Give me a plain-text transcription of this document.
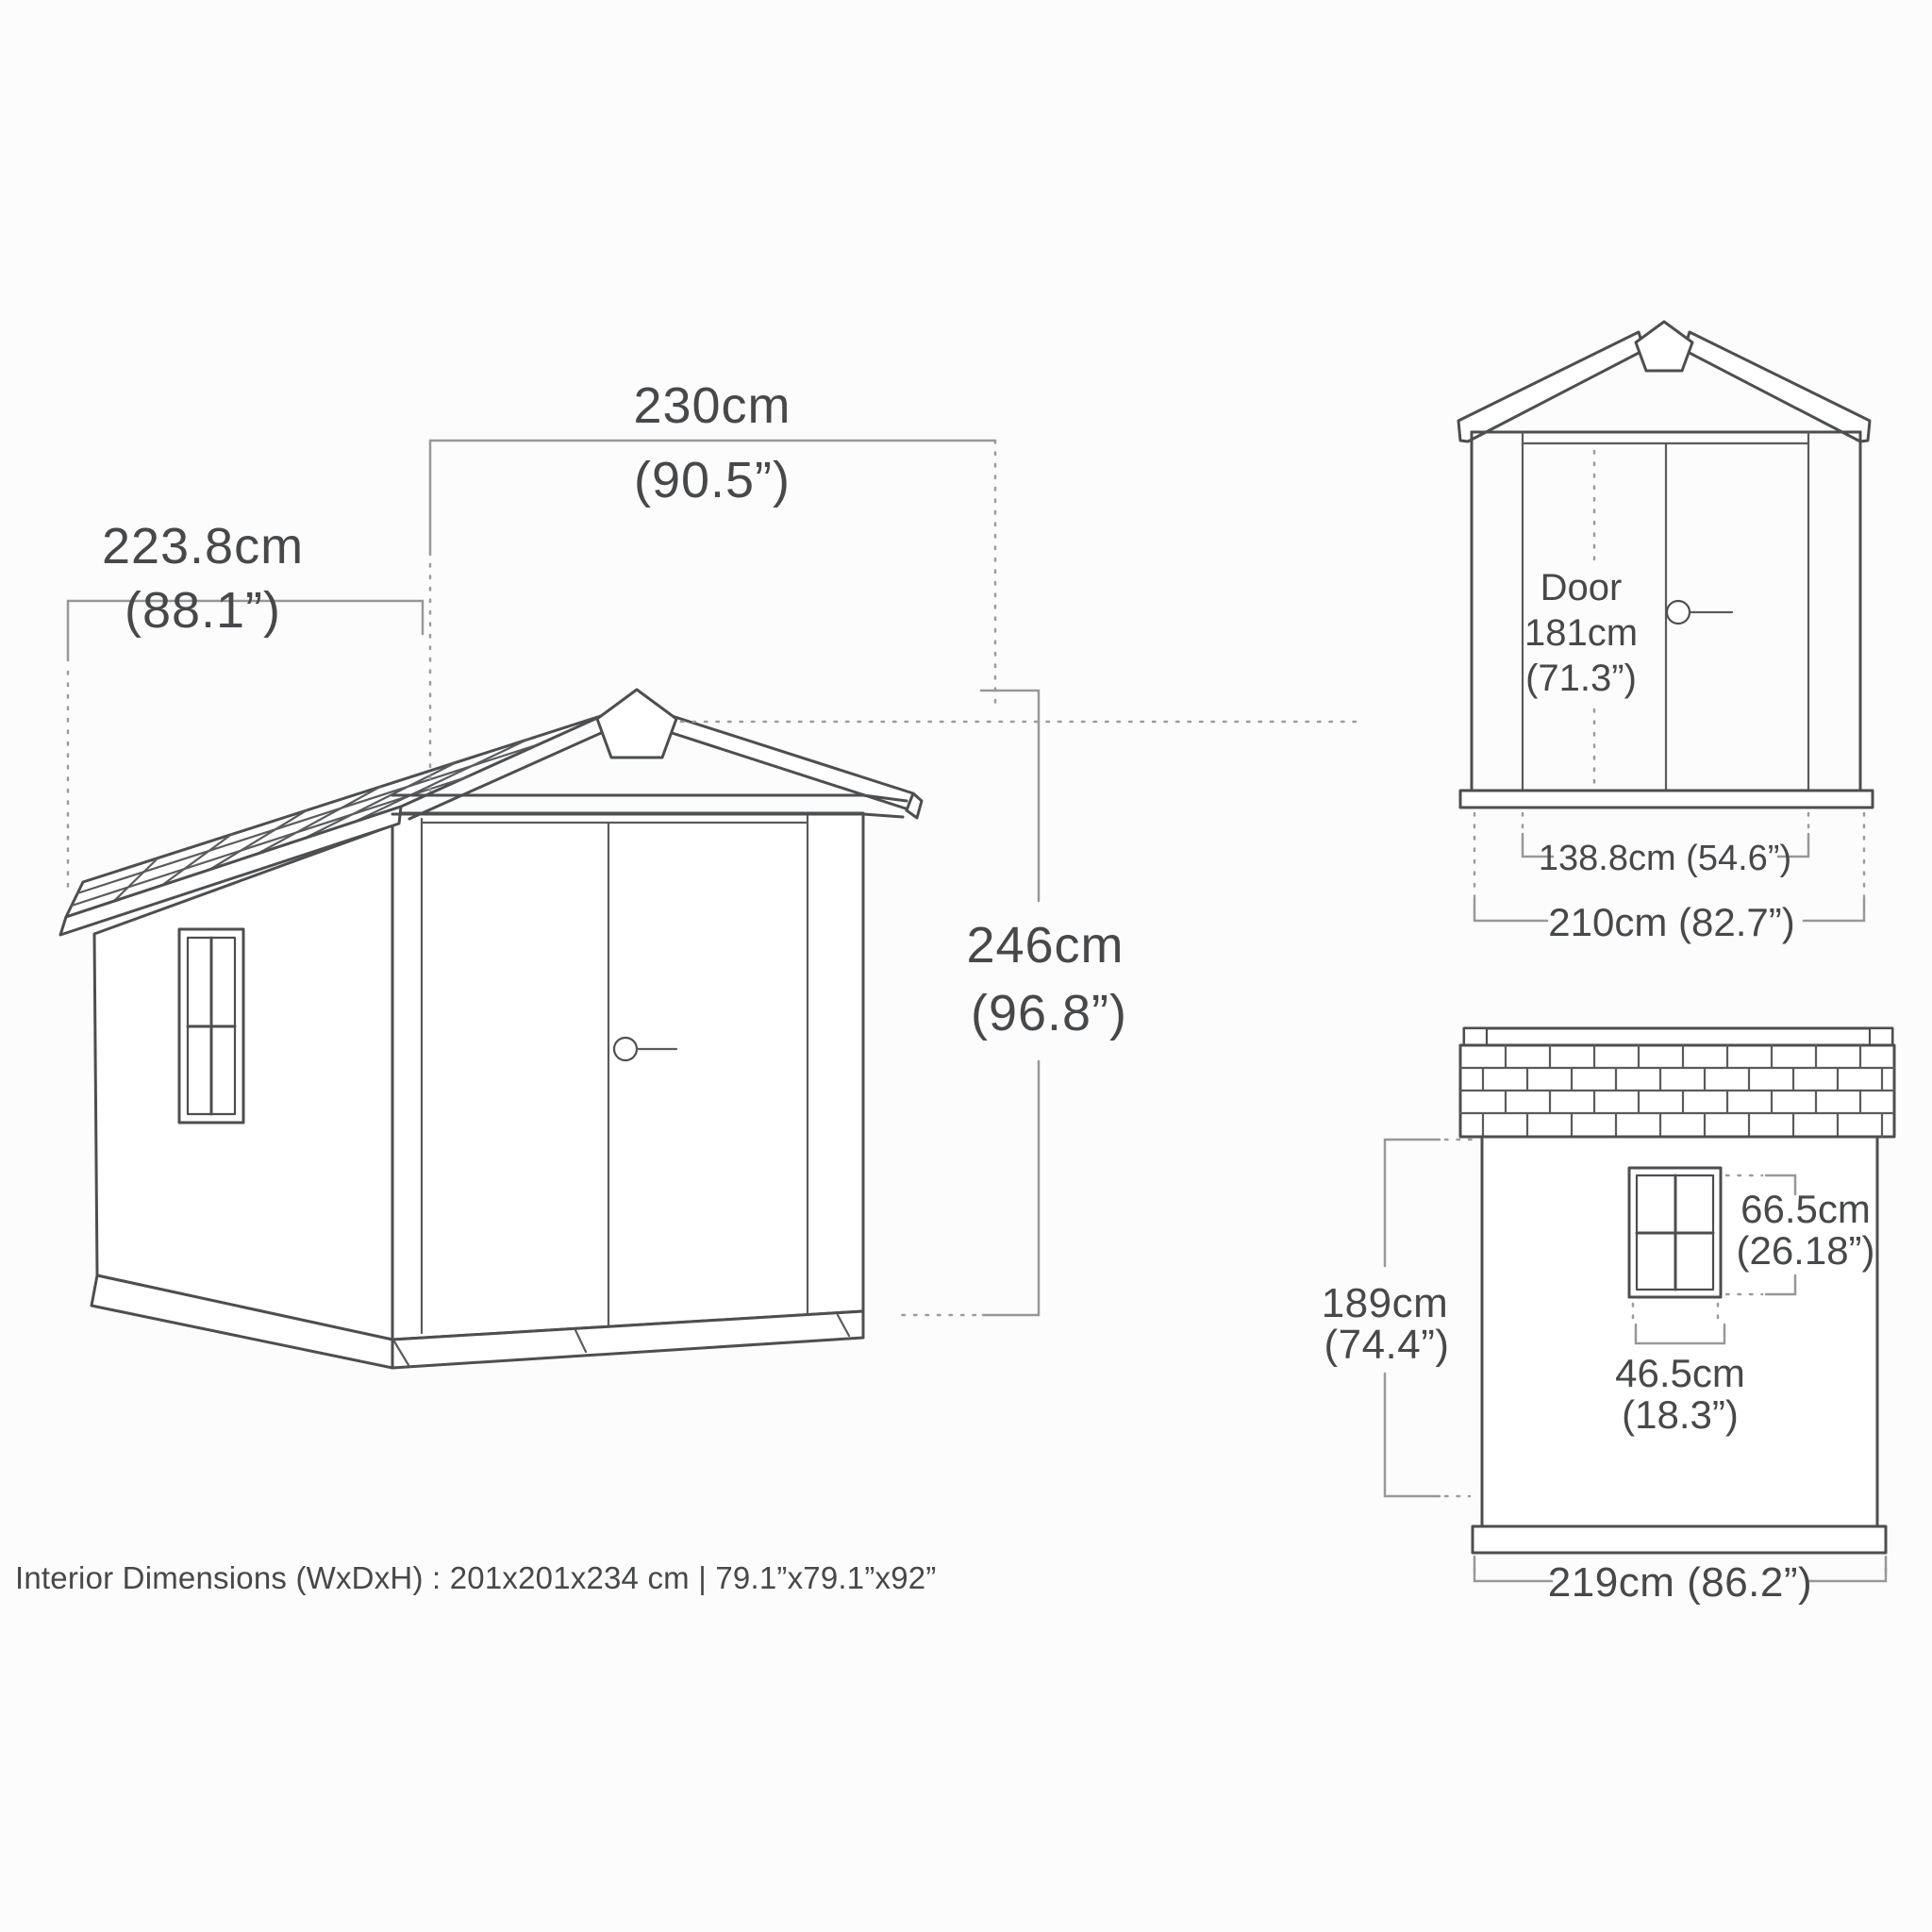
230cm
(90.5”)
223.8cm
(88.1”)
246cm
(96.8”)
Door
181cm
(71.3”)
138.8cm (54.6”)
210cm (82.7”)
66.5cm
(26.18”)
46.5cm
(18.3”)
189cm
(74.4”)
219cm (86.2”)
Interior Dimensions (WxDxH) : 201x201x234 cm | 79.1”x79.1”x92”
